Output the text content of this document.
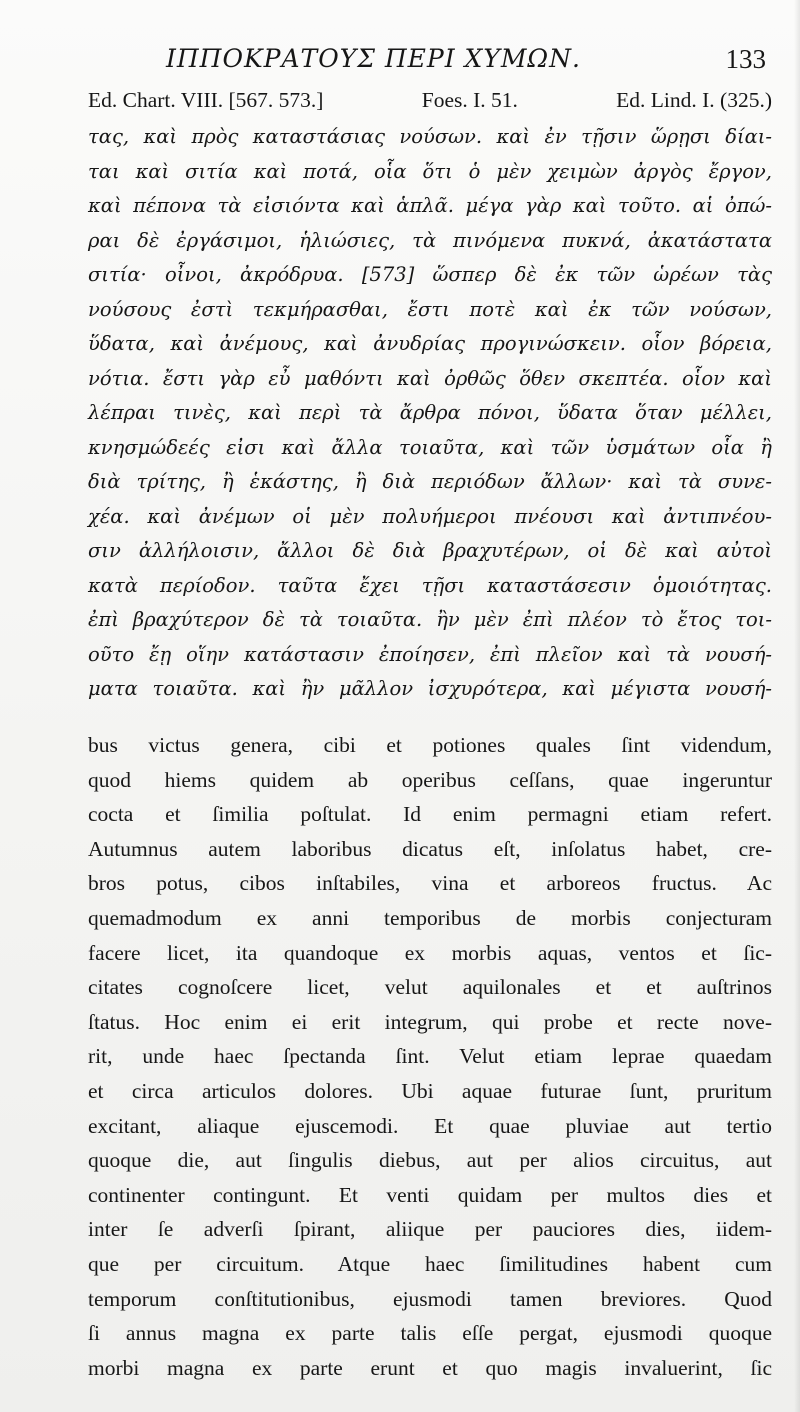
ΙΠΠΟΚΡΑΤΟΥΣ ΠΕΡΙ ΧΥΜΩΝ.	133
Ed. Chart. VIII. [567. 573.]	Foes. I. 51.	Ed. Lind. I. (325.)
τας, καὶ πρὸς καταστάσιας νούσων. καὶ ἐν τῇσιν ὥρῃσι δίαι-
ται καὶ σιτία καὶ ποτά, οἷα ὅτι ὁ μὲν χειμὼν ἀργὸς ἔργον,
καὶ πέπονα τὰ εἰσιόντα καὶ ἁπλᾶ. μέγα γὰρ καὶ τοῦτο. αἱ ὀπώ-
ραι δὲ ἐργάσιμοι, ἡλιώσιες, τὰ πινόμενα πυκνά, ἀκατάστατα
σιτία· οἶνοι, ἀκρόδρυα. [573] ὥσπερ δὲ ἐκ τῶν ὡρέων τὰς
νούσους ἐστὶ τεκμήρασθαι, ἔστι ποτὲ καὶ ἐκ τῶν νούσων,
ὕδατα, καὶ ἀνέμους, καὶ ἀνυδρίας προγινώσκειν. οἷον βόρεια,
νότια. ἔστι γὰρ εὖ μαθόντι καὶ ὀρθῶς ὅθεν σκεπτέα. οἷον καὶ
λέπραι τινὲς, καὶ περὶ τὰ ἄρθρα πόνοι, ὕδατα ὅταν μέλλει,
κνησμώδεές εἰσι καὶ ἄλλα τοιαῦτα, καὶ τῶν ὑσμάτων οἷα ἢ
διὰ τρίτης, ἢ ἑκάστης, ἢ διὰ περιόδων ἄλλων· καὶ τὰ συνε-
χέα. καὶ ἀνέμων οἱ μὲν πολυήμεροι πνέουσι καὶ ἀντιπνέου-
σιν ἀλλήλοισιν, ἄλλοι δὲ διὰ βραχυτέρων, οἱ δὲ καὶ αὐτοὶ
κατὰ περίοδον. ταῦτα ἔχει τῇσι καταστάσεσιν ὁμοιότητας.
ἐπὶ βραχύτερον δὲ τὰ τοιαῦτα. ἢν μὲν ἐπὶ πλέον τὸ ἔτος τοι-
οῦτο ἔῃ οἵην κατάστασιν ἐποίησεν, ἐπὶ πλεῖον καὶ τὰ νουσή-
ματα τοιαῦτα. καὶ ἢν μᾶλλον ἰσχυρότερα, καὶ μέγιστα νουσή-
bus victus genera, cibi et potiones quales ſint videndum,
quod hiems quidem ab operibus ceſſans, quae ingeruntur
cocta et ſimilia poſtulat. Id enim permagni etiam refert.
Autumnus autem laboribus dicatus eſt, inſolatus habet, cre-
bros potus, cibos inſtabiles, vina et arboreos fructus. Ac
quemadmodum ex anni temporibus de morbis conjecturam
facere licet, ita quandoque ex morbis aquas, ventos et ſic-
citates cognoſcere licet, velut aquilonales et et auſtrinos
ſtatus. Hoc enim ei erit integrum, qui probe et recte nove-
rit, unde haec ſpectanda ſint. Velut etiam leprae quaedam
et circa articulos dolores. Ubi aquae futurae ſunt, pruritum
excitant, aliaque ejuscemodi. Et quae pluviae aut tertio
quoque die, aut ſingulis diebus, aut per alios circuitus, aut
continenter contingunt. Et venti quidam per multos dies et
inter ſe adverſi ſpirant, aliique per pauciores dies, iidem-
que per circuitum. Atque haec ſimilitudines habent cum
temporum conſtitutionibus, ejusmodi tamen breviores. Quod
ſi annus magna ex parte talis eſſe pergat, ejusmodi quoque
morbi magna ex parte erunt et quo magis invaluerint, ſic
